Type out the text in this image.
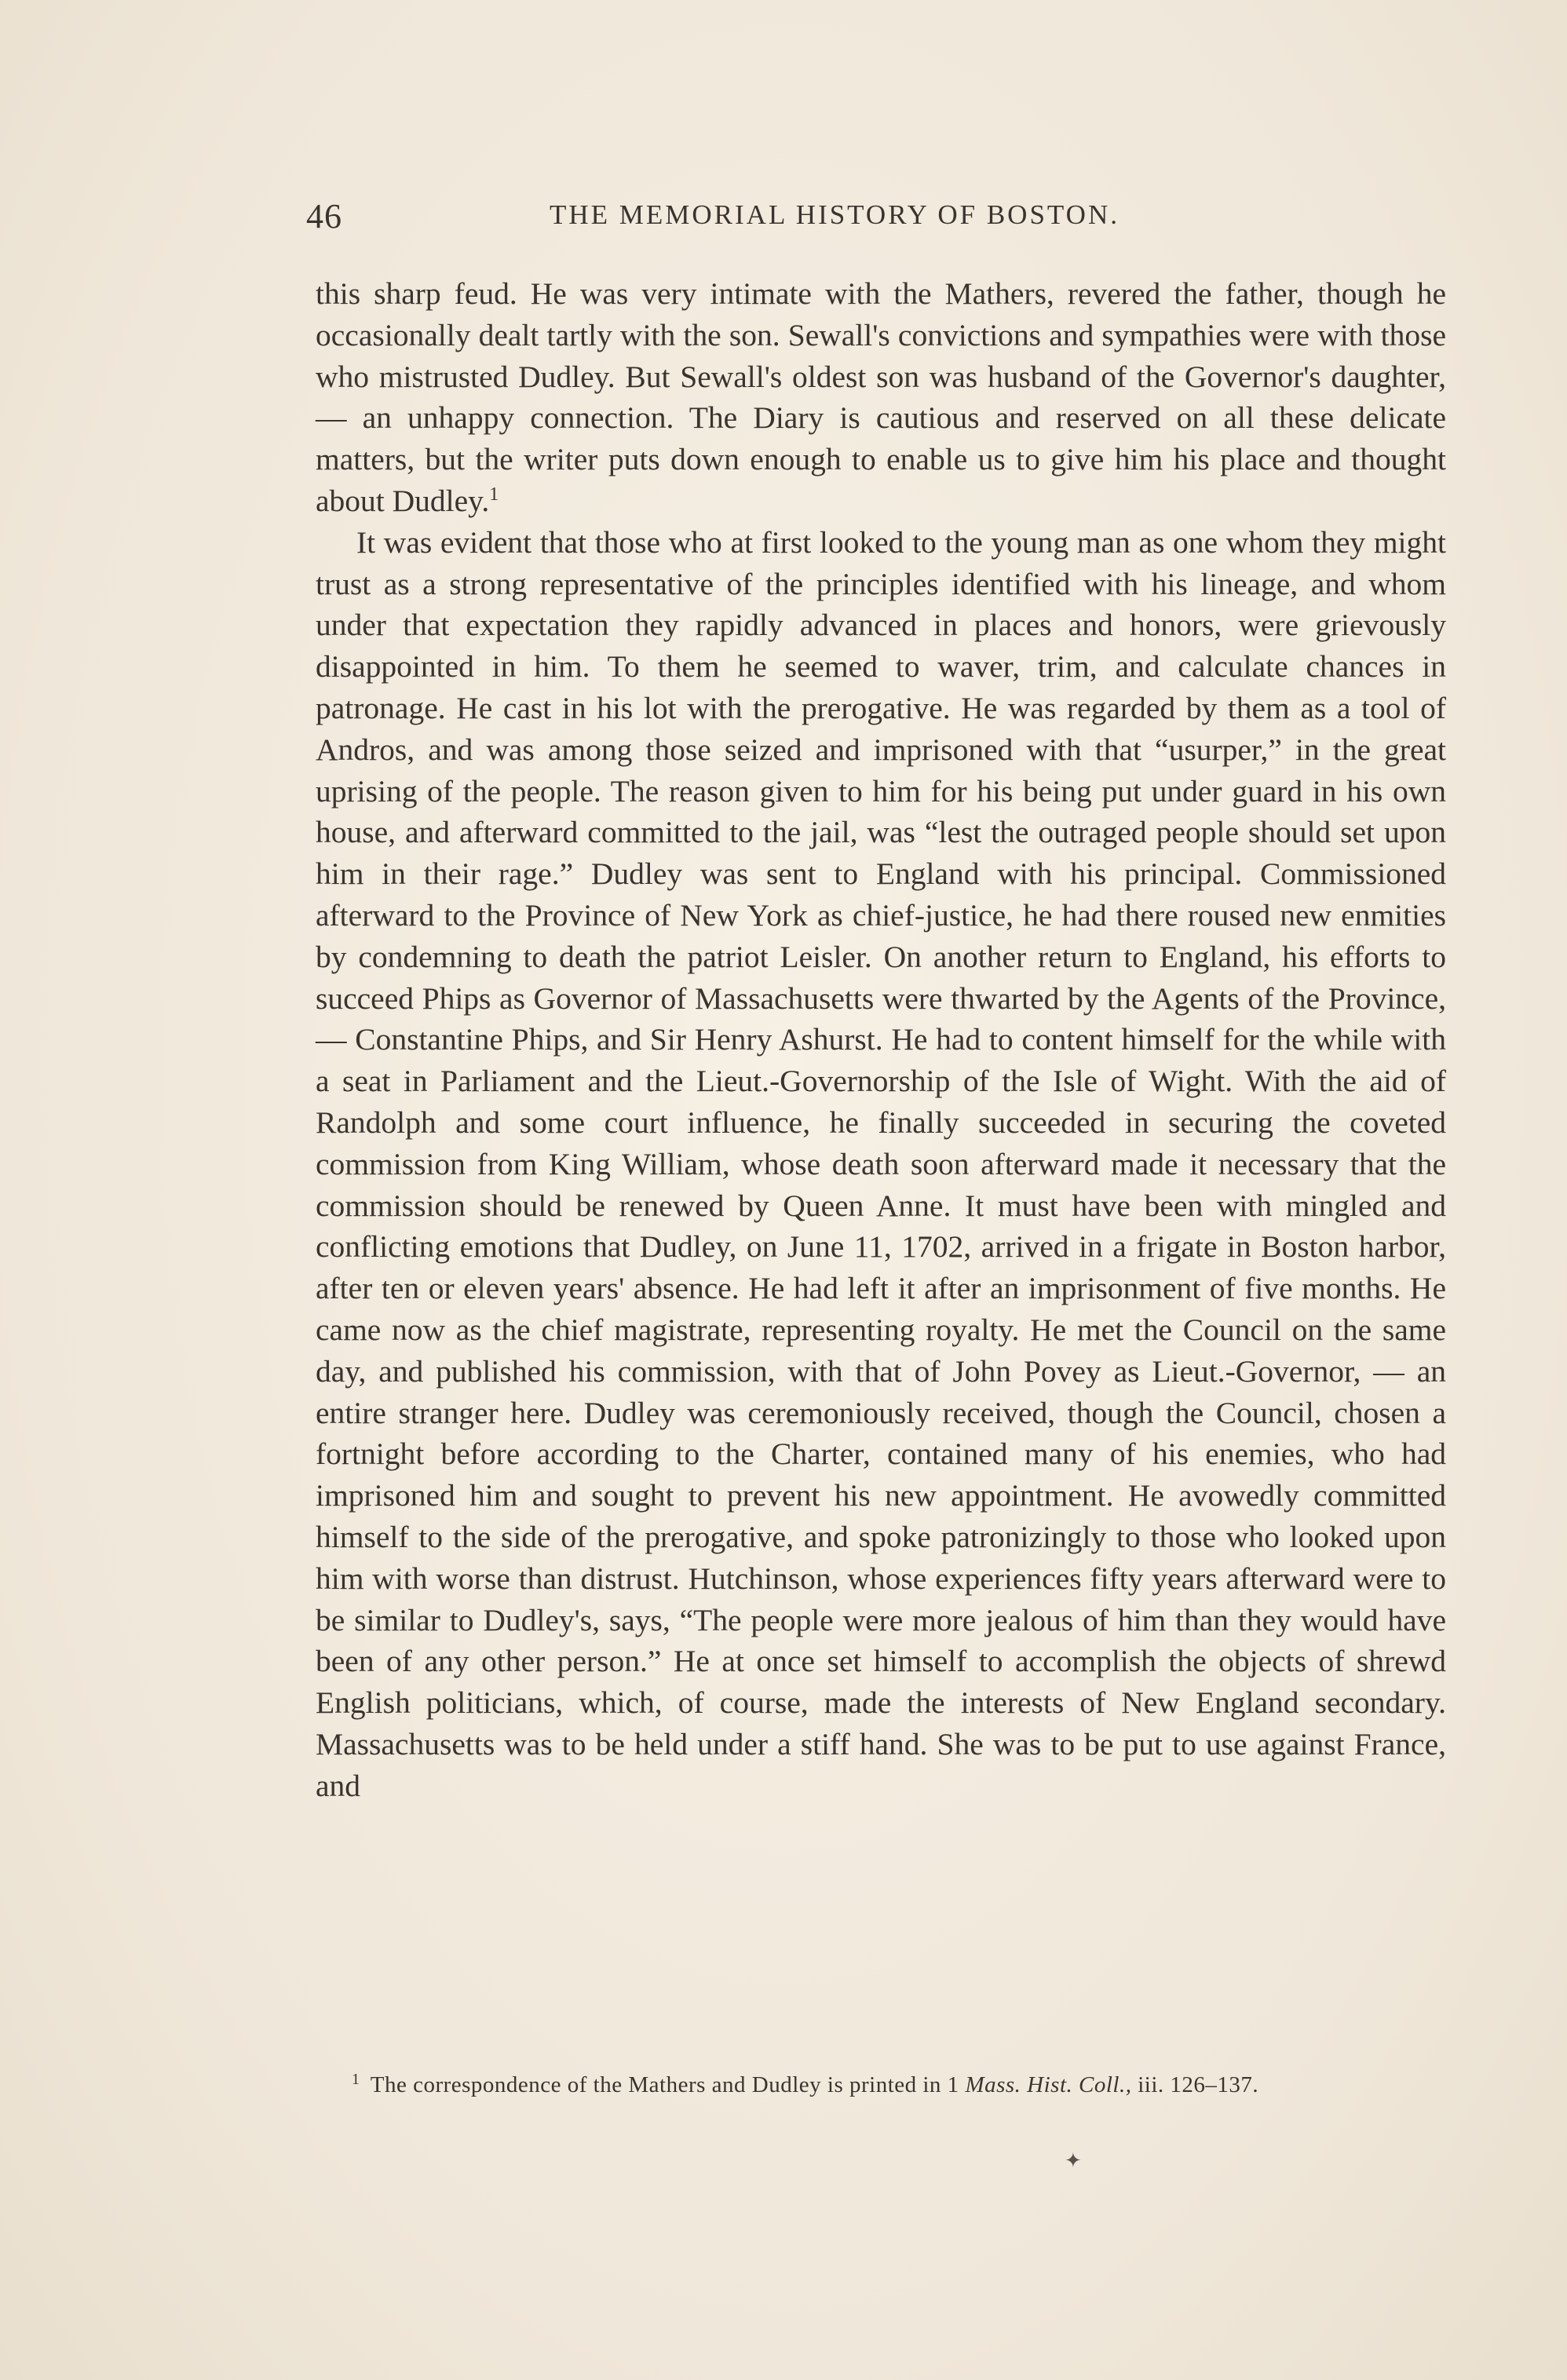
46	THE MEMORIAL HISTORY OF BOSTON.

this sharp feud. He was very intimate with the Mathers, revered the father, though he occasionally dealt tartly with the son. Sewall's convictions and sympathies were with those who mistrusted Dudley. But Sewall's oldest son was husband of the Governor's daughter, — an unhappy connection. The Diary is cautious and reserved on all these delicate matters, but the writer puts down enough to enable us to give him his place and thought about Dudley.$^1$

It was evident that those who at first looked to the young man as one whom they might trust as a strong representative of the principles identified with his lineage, and whom under that expectation they rapidly advanced in places and honors, were grievously disappointed in him. To them he seemed to waver, trim, and calculate chances in patronage. He cast in his lot with the prerogative. He was regarded by them as a tool of Andros, and was among those seized and imprisoned with that “usurper,” in the great uprising of the people. The reason given to him for his being put under guard in his own house, and afterward committed to the jail, was “lest the outraged people should set upon him in their rage.” Dudley was sent to England with his principal. Commissioned afterward to the Province of New York as chief-justice, he had there roused new enmities by condemning to death the patriot Leisler. On another return to England, his efforts to succeed Phips as Governor of Massachusetts were thwarted by the Agents of the Province, — Constantine Phips, and Sir Henry Ashurst. He had to content himself for the while with a seat in Parliament and the Lieut.-Governorship of the Isle of Wight. With the aid of Randolph and some court influence, he finally succeeded in securing the coveted commission from King William, whose death soon afterward made it necessary that the commission should be renewed by Queen Anne. It must have been with mingled and conflicting emotions that Dudley, on June 11, 1702, arrived in a frigate in Boston harbor, after ten or eleven years' absence. He had left it after an imprisonment of five months. He came now as the chief magistrate, representing royalty. He met the Council on the same day, and published his commission, with that of John Povey as Lieut.-Governor, — an entire stranger here. Dudley was ceremoniously received, though the Council, chosen a fortnight before according to the Charter, contained many of his enemies, who had imprisoned him and sought to prevent his new appointment. He avowedly committed himself to the side of the prerogative, and spoke patronizingly to those who looked upon him with worse than distrust. Hutchinson, whose experiences fifty years afterward were to be similar to Dudley's, says, “The people were more jealous of him than they would have been of any other person.” He at once set himself to accomplish the objects of shrewd English politicians, which, of course, made the interests of New England secondary. Massachusetts was to be held under a stiff hand. She was to be put to use against France, and

$^1$ The correspondence of the Mathers and Dudley is printed in 1 Mass. Hist. Coll., iii. 126–137.
✦
